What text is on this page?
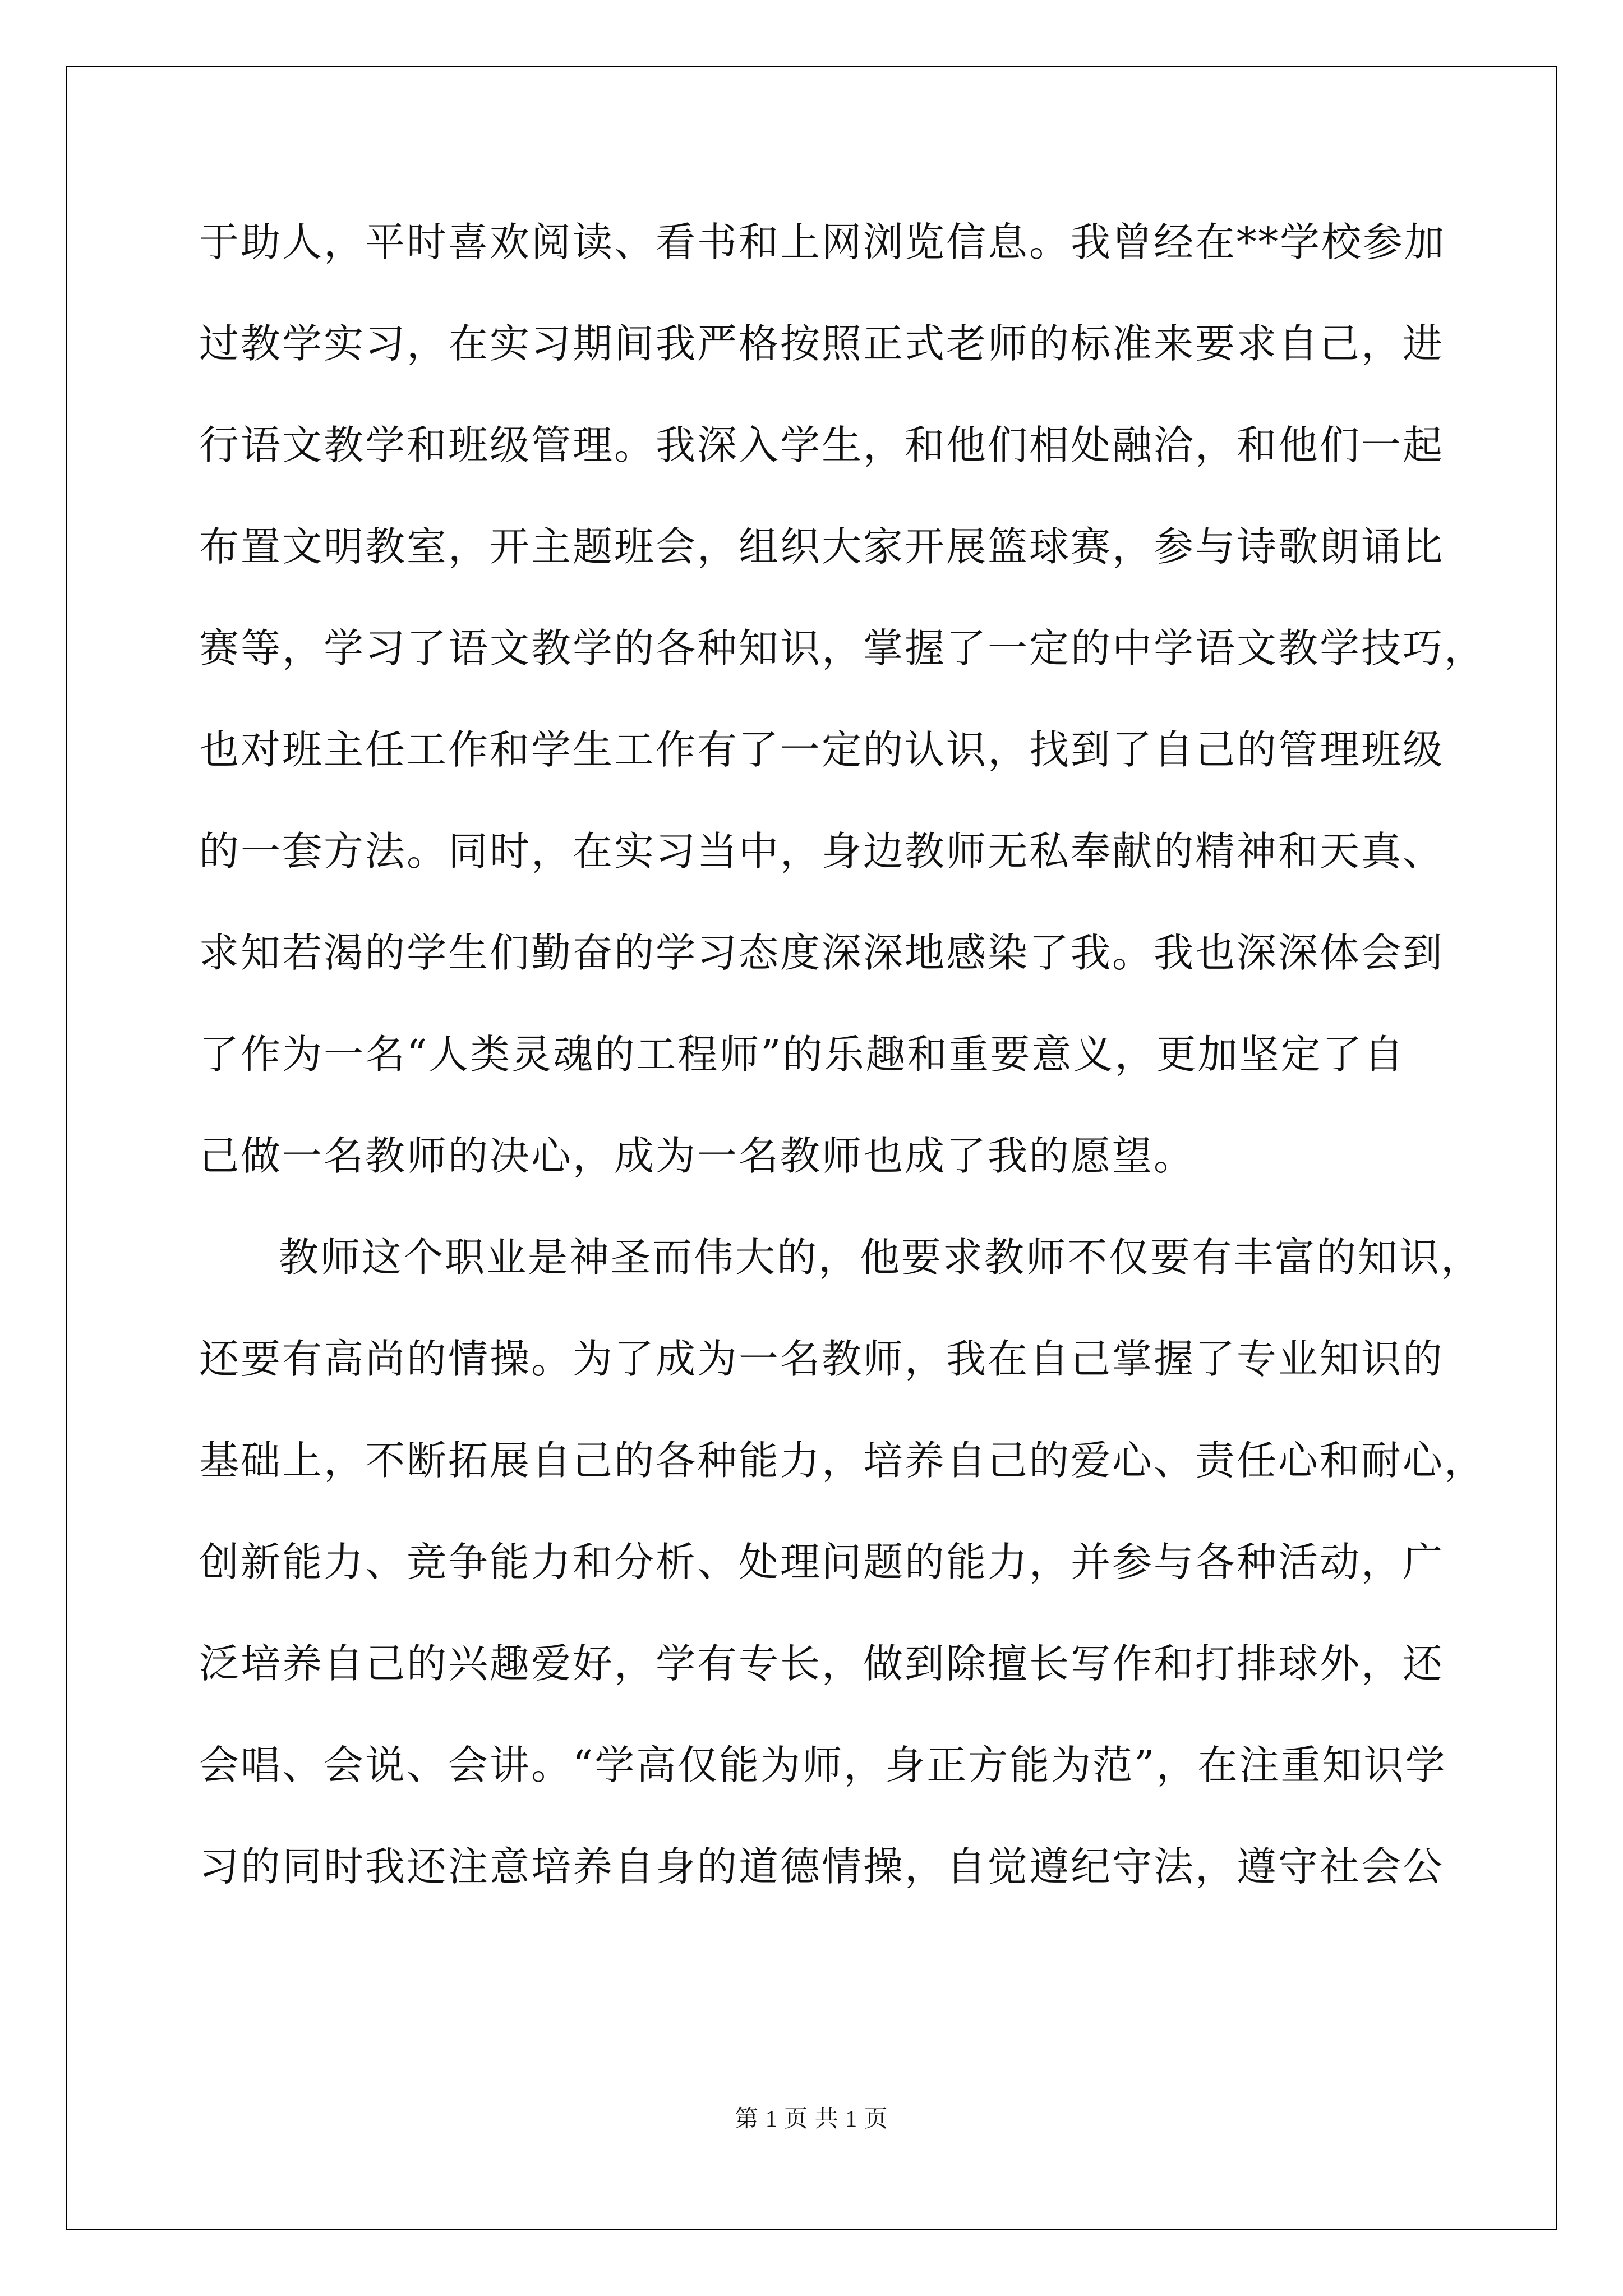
于助人，平时喜欢阅读、看书和上网浏览信息。我曾经在**学校参加
过教学实习，在实习期间我严格按照正式老师的标准来要求自己，进
行语文教学和班级管理。我深入学生，和他们相处融洽，和他们一起
布置文明教室，开主题班会，组织大家开展篮球赛，参与诗歌朗诵比
赛等，学习了语文教学的各种知识，掌握了一定的中学语文教学技巧，
也对班主任工作和学生工作有了一定的认识，找到了自己的管理班级
的一套方法。同时，在实习当中，身边教师无私奉献的精神和天真、
求知若渴的学生们勤奋的学习态度深深地感染了我。我也深深体会到
了作为一名“人类灵魂的工程师”的乐趣和重要意义，更加坚定了自
己做一名教师的决心，成为一名教师也成了我的愿望。
教师这个职业是神圣而伟大的，他要求教师不仅要有丰富的知识，
还要有高尚的情操。为了成为一名教师，我在自己掌握了专业知识的
基础上，不断拓展自己的各种能力，培养自己的爱心、责任心和耐心，
创新能力、竞争能力和分析、处理问题的能力，并参与各种活动，广
泛培养自己的兴趣爱好，学有专长，做到除擅长写作和打排球外，还
会唱、会说、会讲。“学高仅能为师，身正方能为范”，在注重知识学
习的同时我还注意培养自身的道德情操，自觉遵纪守法，遵守社会公
第 1 页 共 1 页
